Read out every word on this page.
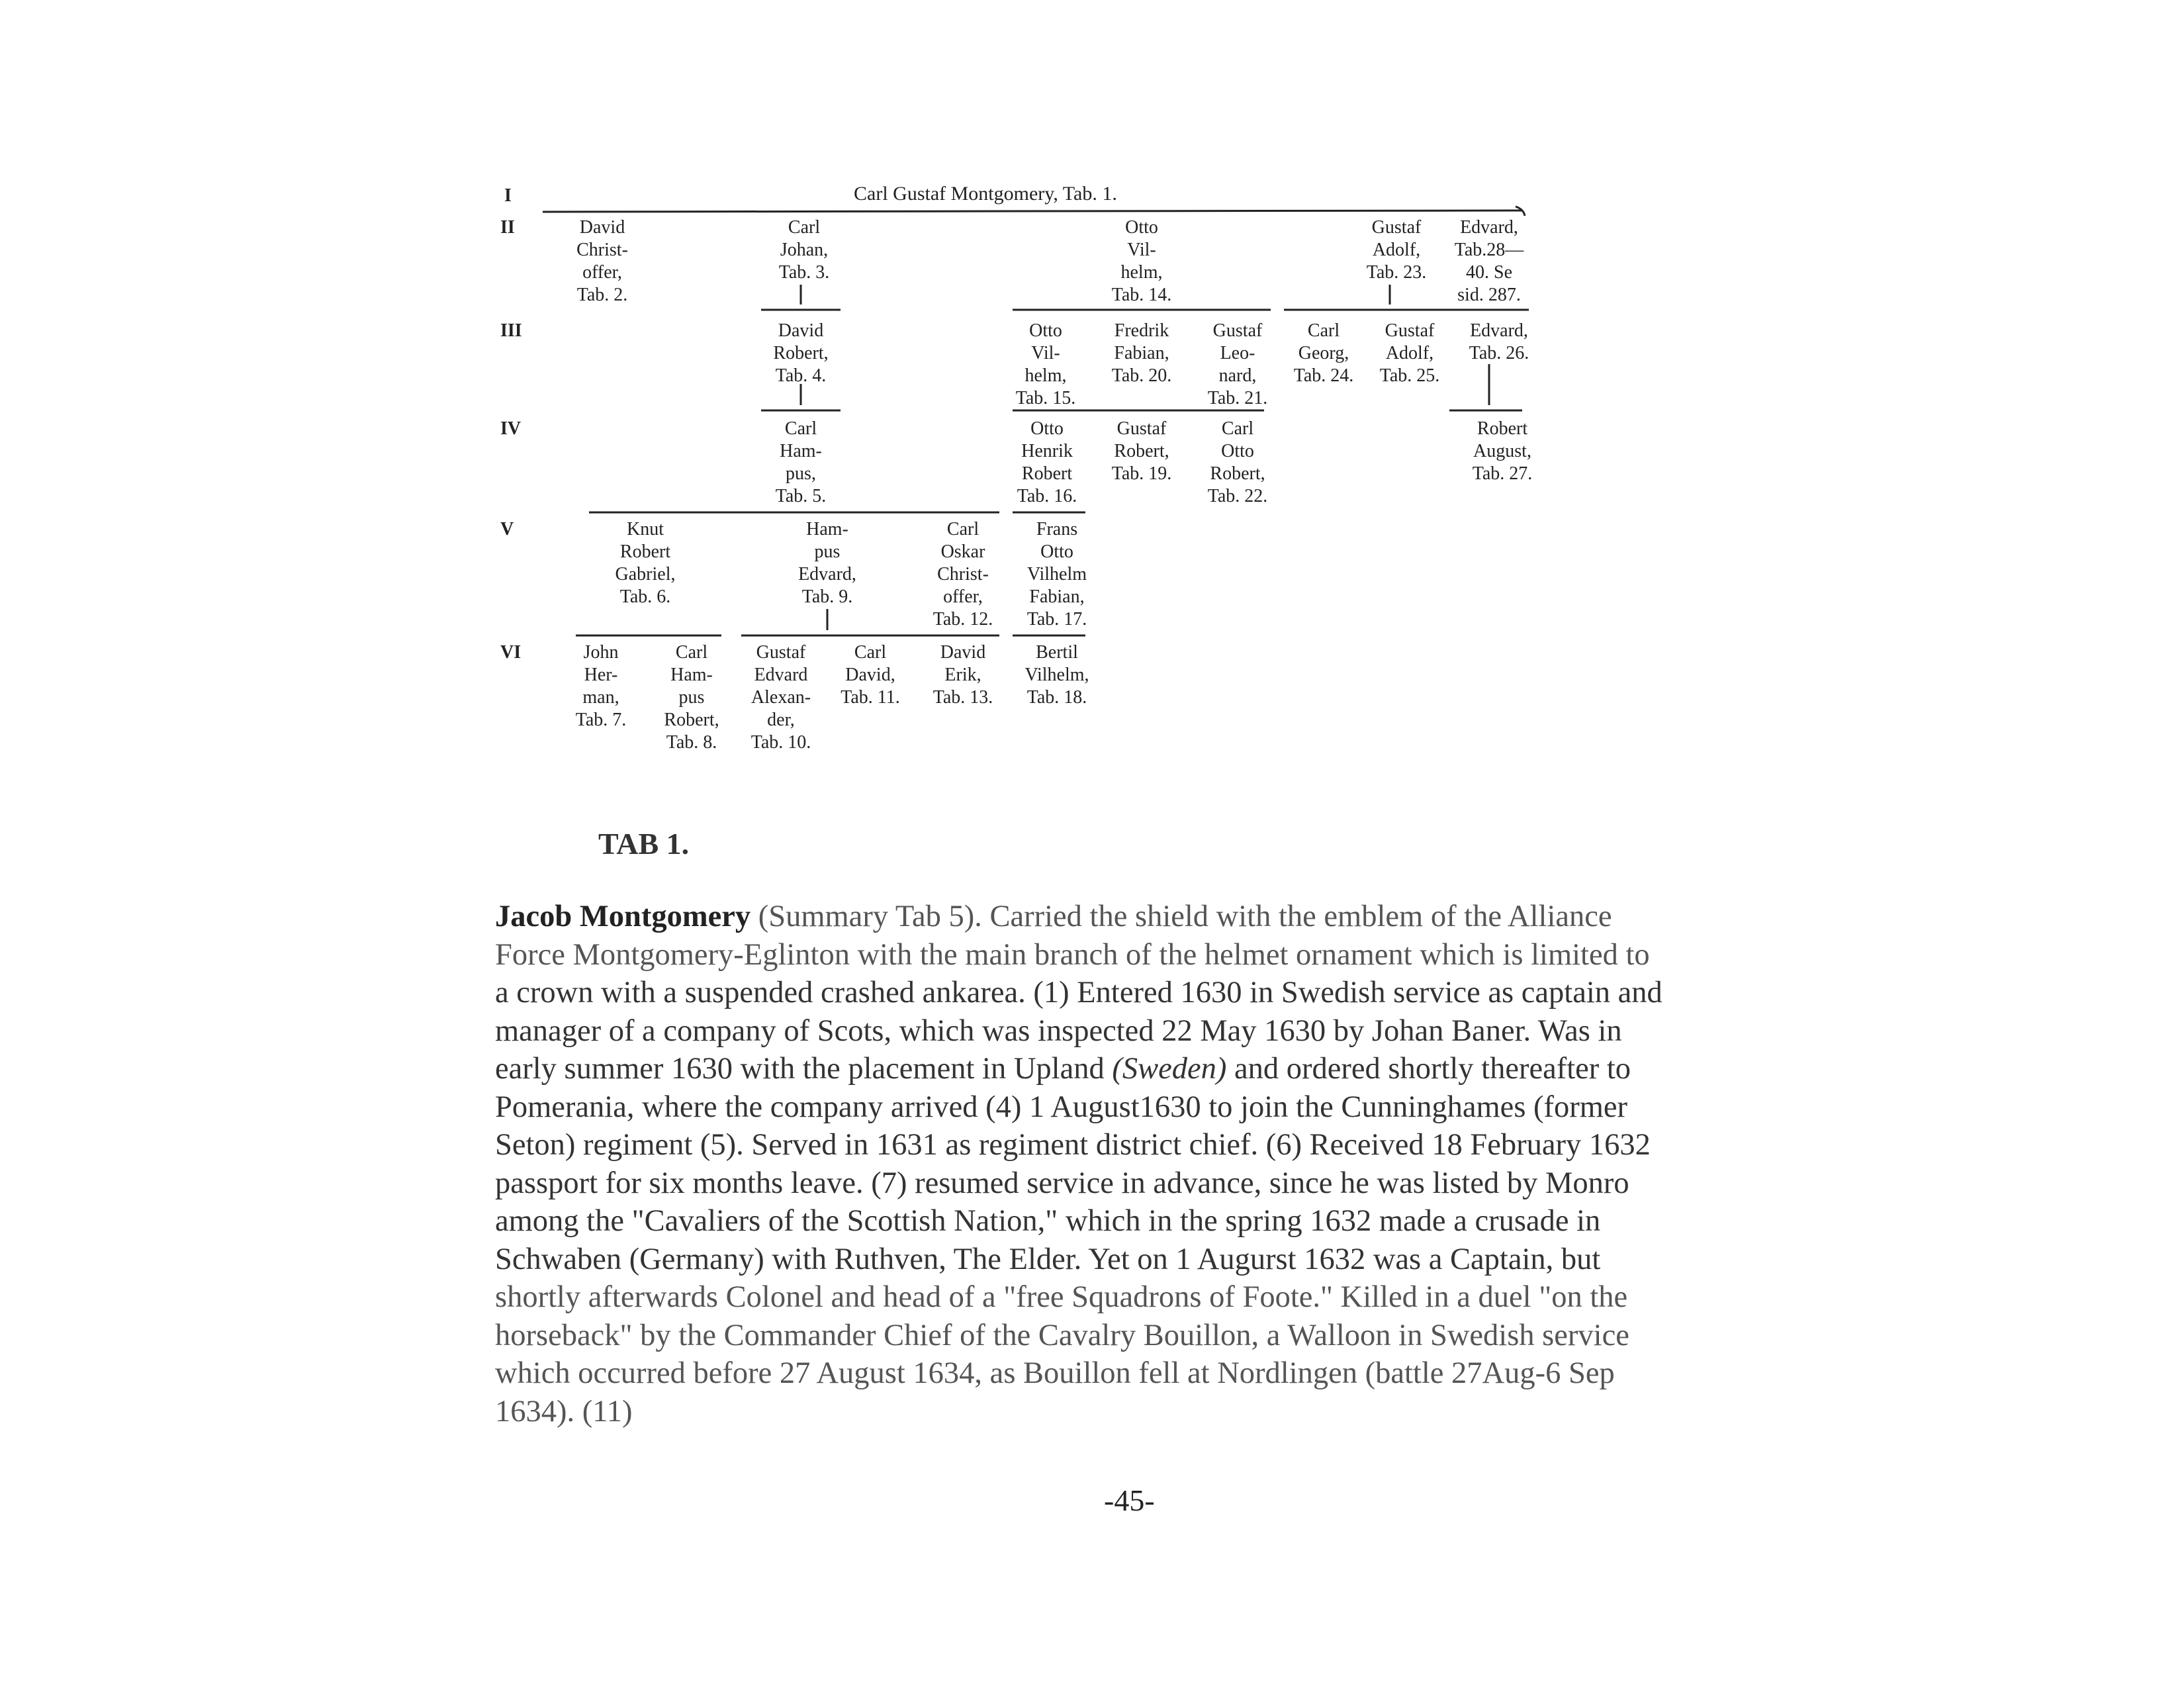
I
II
III
IV
V
VI
Carl Gustaf Montgomery, Tab. 1.
David
Christ-
offer,
Tab. 2.
Carl
Johan,
Tab. 3.
Otto
Vil-
helm,
Tab. 14.
Gustaf
Adolf,
Tab. 23.
Edvard,
Tab.28—
40. Se
sid. 287.
David
Robert,
Tab. 4.
Otto
Vil-
helm,
Tab. 15.
Fredrik
Fabian,
Tab. 20.
Gustaf
Leo-
nard,
Tab. 21.
Carl
Georg,
Tab. 24.
Gustaf
Adolf,
Tab. 25.
Edvard,
Tab. 26.
Carl
Ham-
pus,
Tab. 5.
Otto
Henrik
Robert
Tab. 16.
Gustaf
Robert,
Tab. 19.
Carl
Otto
Robert,
Tab. 22.
Robert
August,
Tab. 27.
Knut
Robert
Gabriel,
Tab. 6.
Ham-
pus
Edvard,
Tab. 9.
Carl
Oskar
Christ-
offer,
Tab. 12.
Frans
Otto
Vilhelm
Fabian,
Tab. 17.
John
Her-
man,
Tab. 7.
Carl
Ham-
pus
Robert,
Tab. 8.
Gustaf
Edvard
Alexan-
der,
Tab. 10.
Carl
David,
Tab. 11.
David
Erik,
Tab. 13.
Bertil
Vilhelm,
Tab. 18.
TAB 1.
Jacob Montgomery (Summary Tab 5). Carried the shield with the emblem of the Alliance
Force Montgomery-Eglinton with the main branch of the helmet ornament which is limited to
a crown with a suspended crashed ankarea. (1) Entered 1630 in Swedish service as captain and
manager of a company of Scots, which was inspected 22 May 1630 by Johan Baner. Was in
early summer 1630 with the placement in Upland (Sweden) and ordered shortly thereafter to
Pomerania, where the company arrived (4) 1 August1630 to join the Cunninghames (former
Seton) regiment (5). Served in 1631 as regiment district chief. (6) Received 18 February 1632
passport for six months leave. (7) resumed service in advance, since he was listed by Monro
among the "Cavaliers of the Scottish Nation," which in the spring 1632 made a crusade in
Schwaben (Germany) with Ruthven, The Elder. Yet on 1 Augurst 1632 was a Captain, but
shortly afterwards Colonel and head of a "free Squadrons of Foote." Killed in a duel "on the
horseback" by the Commander Chief of the Cavalry Bouillon, a Walloon in Swedish service
which occurred before 27 August 1634, as Bouillon fell at Nordlingen (battle 27Aug-6 Sep
1634). (11)
-45-
